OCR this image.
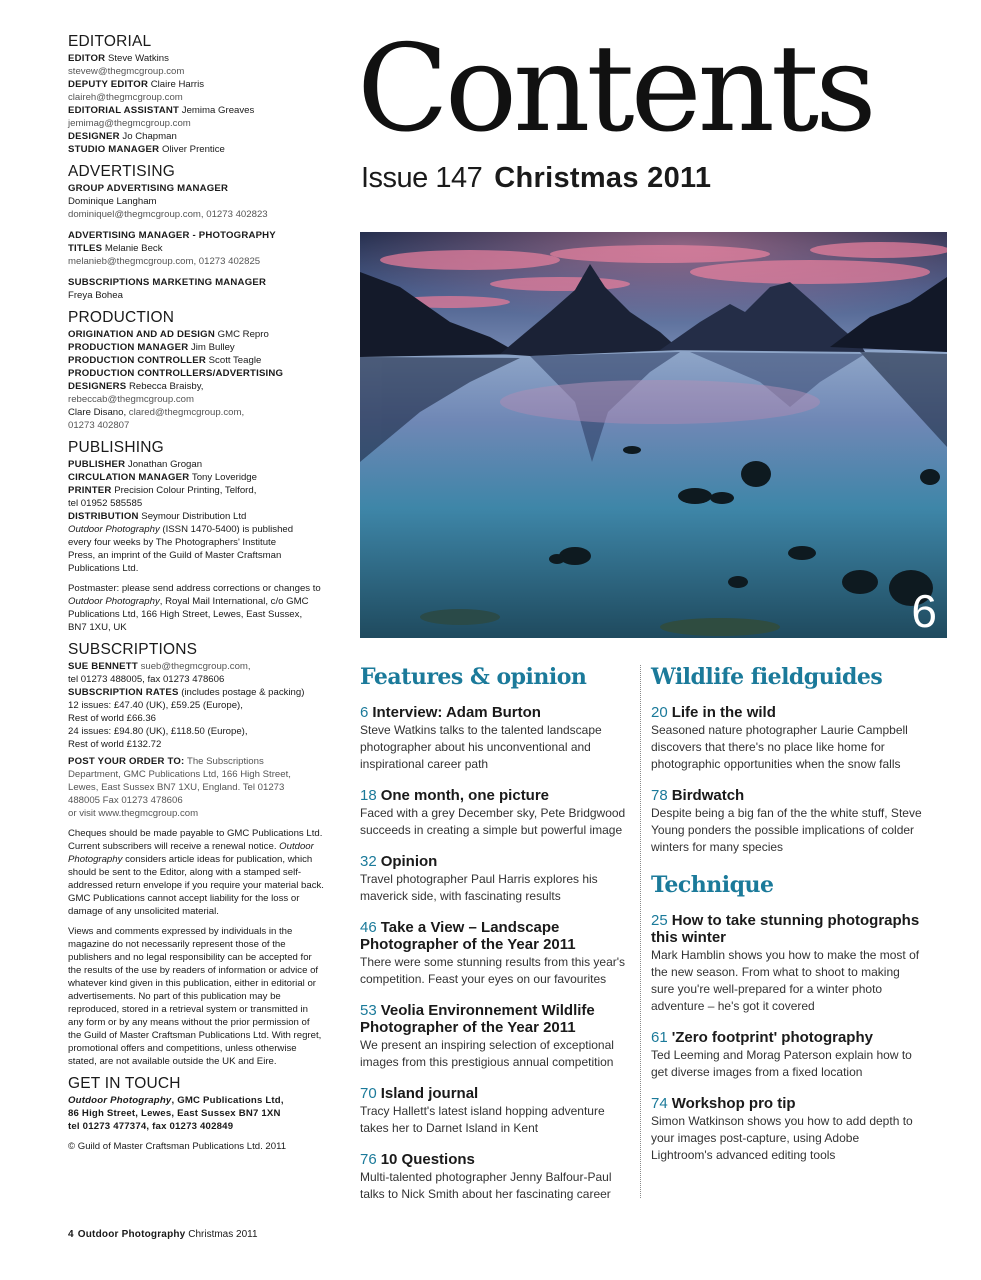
EDITORIAL
EDITOR Steve Watkins
stevew@thegmcgroup.com
DEPUTY EDITOR Claire Harris
claireh@thegmcgroup.com
EDITORIAL ASSISTANT Jemima Greaves
jemimag@thegmcgroup.com
DESIGNER Jo Chapman
STUDIO MANAGER Oliver Prentice
ADVERTISING
GROUP ADVERTISING MANAGER
Dominique Langham
dominiquel@thegmcgroup.com, 01273 402823
ADVERTISING MANAGER - PHOTOGRAPHY
TITLES Melanie Beck
melanieb@thegmcgroup.com, 01273 402825
SUBSCRIPTIONS MARKETING MANAGER
Freya Bohea
PRODUCTION
ORIGINATION AND AD DESIGN GMC Repro
PRODUCTION MANAGER Jim Bulley
PRODUCTION CONTROLLER Scott Teagle
PRODUCTION CONTROLLERS/ADVERTISING
DESIGNERS Rebecca Braisby,
rebeccab@thegmcgroup.com
Clare Disano, clared@thegmcgroup.com,
01273 402807
PUBLISHING
PUBLISHER Jonathan Grogan
CIRCULATION MANAGER Tony Loveridge
PRINTER Precision Colour Printing, Telford,
tel 01952 585585
DISTRIBUTION Seymour Distribution Ltd
Outdoor Photography (ISSN 1470-5400) is published every four weeks by The Photographers' Institute Press, an imprint of the Guild of Master Craftsman Publications Ltd.
Postmaster: please send address corrections or changes to Outdoor Photography, Royal Mail International, c/o GMC Publications Ltd, 166 High Street, Lewes, East Sussex, BN7 1XU, UK
SUBSCRIPTIONS
SUE BENNETT sueb@thegmcgroup.com,
tel 01273 488005, fax 01273 478606
SUBSCRIPTION RATES (includes postage & packing)
12 issues: £47.40 (UK), £59.25 (Europe),
Rest of world £66.36
24 issues: £94.80 (UK), £118.50 (Europe),
Rest of world £132.72
POST YOUR ORDER TO: The Subscriptions Department, GMC Publications Ltd, 166 High Street, Lewes, East Sussex BN7 1XU, England. Tel 01273 488005 Fax 01273 478606
or visit www.thegmcgroup.com
Cheques should be made payable to GMC Publications Ltd. Current subscribers will receive a renewal notice. Outdoor Photography considers article ideas for publication, which should be sent to the Editor, along with a stamped self-addressed return envelope if you require your material back. GMC Publications cannot accept liability for the loss or damage of any unsolicited material.
Views and comments expressed by individuals in the magazine do not necessarily represent those of the publishers and no legal responsibility can be accepted for the results of the use by readers of information or advice of whatever kind given in this publication, either in editorial or advertisements. No part of this publication may be reproduced, stored in a retrieval system or transmitted in any form or by any means without the prior permission of the Guild of Master Craftsman Publications Ltd. With regret, promotional offers and competitions, unless otherwise stated, are not available outside the UK and Eire.
GET IN TOUCH
Outdoor Photography, GMC Publications Ltd,
86 High Street, Lewes, East Sussex BN7 1XN
tel 01273 477374, fax 01273 402849
© Guild of Master Craftsman Publications Ltd. 2011
Contents
Issue 147 Christmas 2011
6
Features & opinion
6 Interview: Adam Burton
Steve Watkins talks to the talented landscape photographer about his unconventional and inspirational career path
18 One month, one picture
Faced with a grey December sky, Pete Bridgwood succeeds in creating a simple but powerful image
32 Opinion
Travel photographer Paul Harris explores his maverick side, with fascinating results
46 Take a View – Landscape Photographer of the Year 2011
There were some stunning results from this year's competition. Feast your eyes on our favourites
53 Veolia Environnement Wildlife Photographer of the Year 2011
We present an inspiring selection of exceptional images from this prestigious annual competition
70 Island journal
Tracy Hallett's latest island hopping adventure takes her to Darnet Island in Kent
76 10 Questions
Multi-talented photographer Jenny Balfour-Paul talks to Nick Smith about her fascinating career
Wildlife fieldguides
20 Life in the wild
Seasoned nature photographer Laurie Campbell discovers that there's no place like home for photographic opportunities when the snow falls
78 Birdwatch
Despite being a big fan of the the white stuff, Steve Young ponders the possible implications of colder winters for many species
Technique
25 How to take stunning photographs this winter
Mark Hamblin shows you how to make the most of the new season. From what to shoot to making sure you're well-prepared for a winter photo adventure – he's got it covered
61 'Zero footprint' photography
Ted Leeming and Morag Paterson explain how to get diverse images from a fixed location
74 Workshop pro tip
Simon Watkinson shows you how to add depth to your images post-capture, using Adobe Lightroom's advanced editing tools
4 Outdoor Photography Christmas 2011
